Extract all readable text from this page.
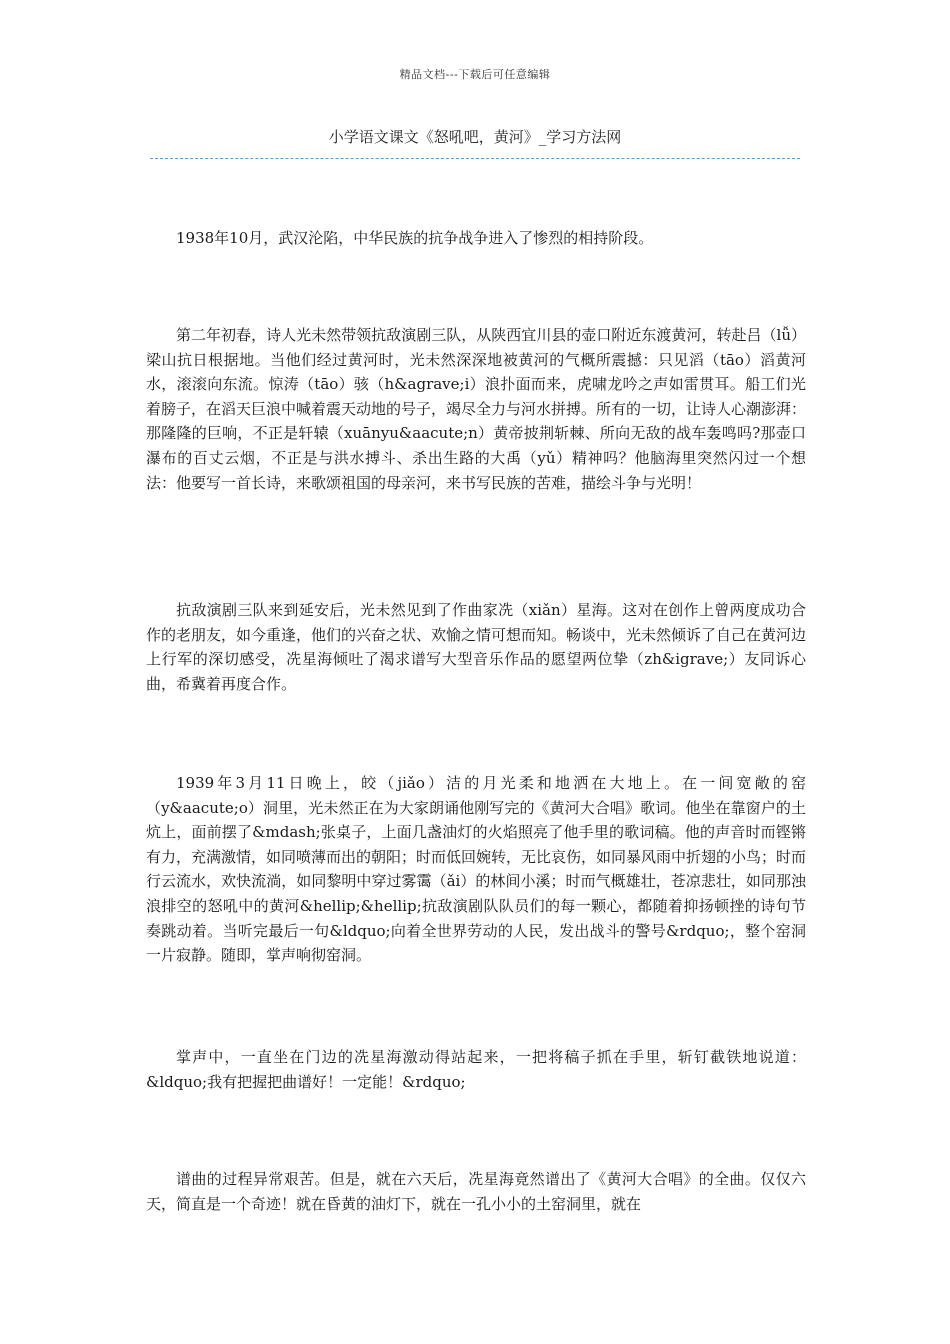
精品文档---下载后可任意编辑
小学语文课文《怒吼吧，黄河》_学习方法网

1938年10月，武汉沦陷，中华民族的抗争战争进入了惨烈的相持阶段。

第二年初春，诗人光未然带领抗敌演剧三队，从陕西宜川县的壶口附近东渡黄河，转赴吕（lǚ）梁山抗日根据地。当他们经过黄河时，光未然深深地被黄河的气概所震撼：只见滔（tāo）滔黄河水，滚滚向东流。惊涛（tāo）骇（h&agrave;i）浪扑面而来，虎啸龙吟之声如雷贯耳。船工们光着膀子，在滔天巨浪中喊着震天动地的号子，竭尽全力与河水拼搏。所有的一切，让诗人心潮澎湃：那隆隆的巨响，不正是轩辕（xuānyu&aacute;n）黄帝披荆斩棘、所向无敌的战车轰鸣吗?那壶口瀑布的百丈云烟，不正是与洪水搏斗、杀出生路的大禹（yǔ）精神吗？他脑海里突然闪过一个想法：他要写一首长诗，来歌颂祖国的母亲河，来书写民族的苦难，描绘斗争与光明！

抗敌演剧三队来到延安后，光未然见到了作曲家冼（xiǎn）星海。这对在创作上曾两度成功合作的老朋友，如今重逢，他们的兴奋之状、欢愉之情可想而知。畅谈中，光未然倾诉了自己在黄河边上行军的深切感受，冼星海倾吐了渴求谱写大型音乐作品的愿望两位挚（zh&igrave;）友同诉心曲，希冀着再度合作。

1939年3月11日晚上，皎（jiǎo）洁的月光柔和地洒在大地上。在一间宽敞的窑（y&aacute;o）洞里，光未然正在为大家朗诵他刚写完的《黄河大合唱》歌词。他坐在靠窗户的土炕上，面前摆了&mdash;张桌子，上面几盏油灯的火焰照亮了他手里的歌词稿。他的声音时而铿锵有力，充满激情，如同喷薄而出的朝阳；时而低回婉转，无比哀伤，如同暴风雨中折翅的小鸟；时而行云流水，欢快流淌，如同黎明中穿过雾霭（ǎi）的林间小溪；时而气概雄壮，苍凉悲壮，如同那浊浪排空的怒吼中的黄河&hellip;&hellip;抗敌演剧队队员们的每一颗心，都随着抑扬顿挫的诗句节奏跳动着。当听完最后一句&ldquo;向着全世界劳动的人民，发出战斗的警号&rdquo;，整个窑洞一片寂静。随即，掌声响彻窑洞。

掌声中，一直坐在门边的冼星海激动得站起来，一把将稿子抓在手里，斩钉截铁地说道：&ldquo;我有把握把曲谱好！一定能！&rdquo;

谱曲的过程异常艰苦。但是，就在六天后，冼星海竟然谱出了《黄河大合唱》的全曲。仅仅六天，简直是一个奇迹！就在昏黄的油灯下，就在一孔小小的土窑洞里，就在
